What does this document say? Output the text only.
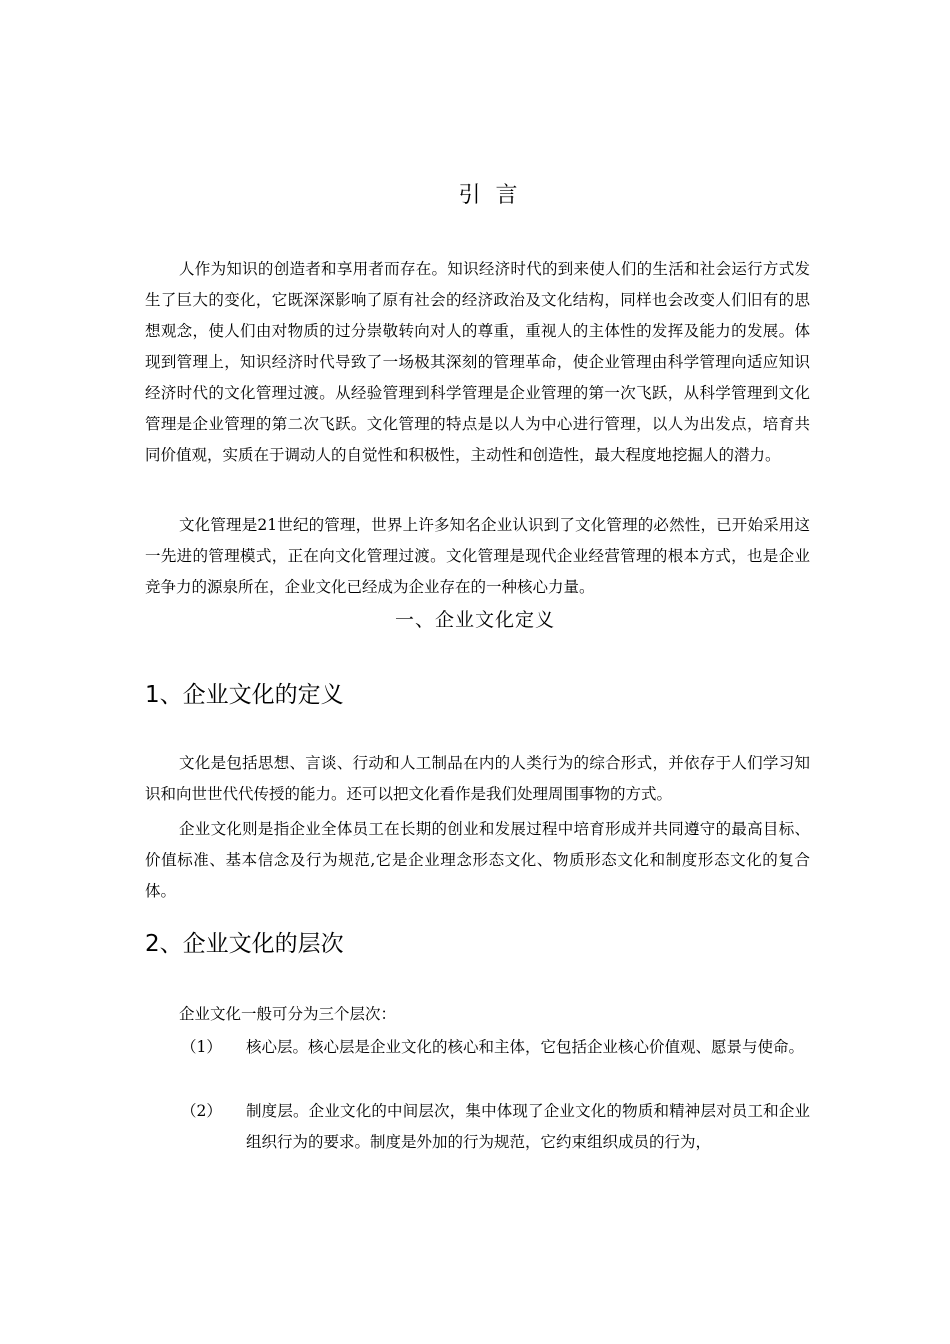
引 言
人作为知识的创造者和享用者而存在。知识经济时代的到来使人们的生活和社会运行方式发生了巨大的变化，它既深深影响了原有社会的经济政治及文化结构，同样也会改变人们旧有的思想观念，使人们由对物质的过分崇敬转向对人的尊重，重视人的主体性的发挥及能力的发展。体现到管理上，知识经济时代导致了一场极其深刻的管理革命，使企业管理由科学管理向适应知识经济时代的文化管理过渡。从经验管理到科学管理是企业管理的第一次飞跃，从科学管理到文化管理是企业管理的第二次飞跃。文化管理的特点是以人为中心进行管理，以人为出发点，培育共同价值观，实质在于调动人的自觉性和积极性，主动性和创造性，最大程度地挖掘人的潜力。
文化管理是21世纪的管理，世界上许多知名企业认识到了文化管理的必然性，已开始采用这一先进的管理模式，正在向文化管理过渡。文化管理是现代企业经营管理的根本方式，也是企业竞争力的源泉所在，企业文化已经成为企业存在的一种核心力量。
一、企业文化定义
1、企业文化的定义
文化是包括思想、言谈、行动和人工制品在内的人类行为的综合形式，并依存于人们学习知识和向世世代代传授的能力。还可以把文化看作是我们处理周围事物的方式。
企业文化则是指企业全体员工在长期的创业和发展过程中培育形成并共同遵守的最高目标、价值标准、基本信念及行为规范,它是企业理念形态文化、物质形态文化和制度形态文化的复合体。
2、企业文化的层次
企业文化一般可分为三个层次：
（1） 核心层。核心层是企业文化的核心和主体，它包括企业核心价值观、愿景与使命。
（2） 制度层。企业文化的中间层次，集中体现了企业文化的物质和精神层对员工和企业组织行为的要求。制度是外加的行为规范，它约束组织成员的行为，
